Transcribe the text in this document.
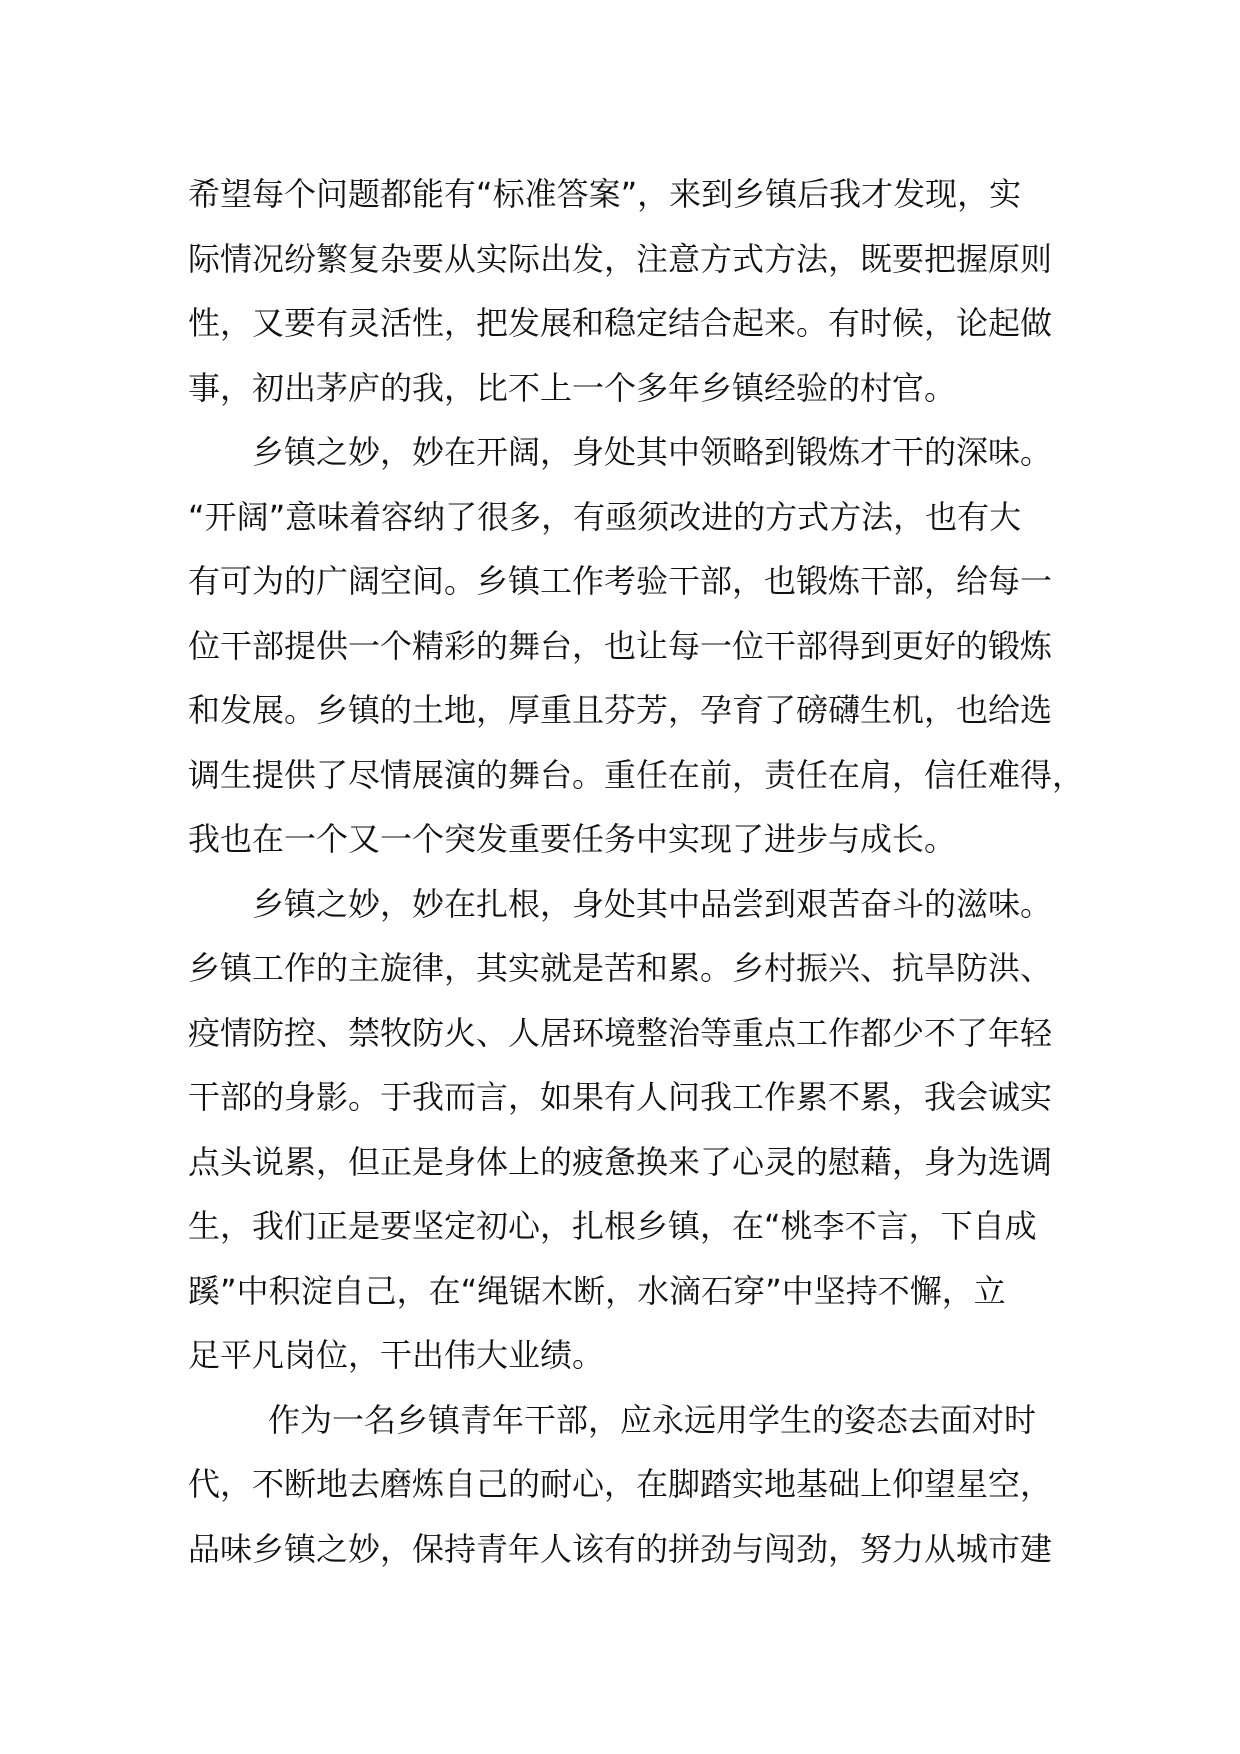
希望每个问题都能有“标准答案”，来到乡镇后我才发现，实
际情况纷繁复杂要从实际出发，注意方式方法，既要把握原则
性，又要有灵活性，把发展和稳定结合起来。有时候，论起做
事，初出茅庐的我，比不上一个多年乡镇经验的村官。
乡镇之妙，妙在开阔，身处其中领略到锻炼才干的深味。
“开阔”意味着容纳了很多，有亟须改进的方式方法，也有大
有可为的广阔空间。乡镇工作考验干部，也锻炼干部，给每一
位干部提供一个精彩的舞台，也让每一位干部得到更好的锻炼
和发展。乡镇的土地，厚重且芬芳，孕育了磅礴生机，也给选
调生提供了尽情展演的舞台。重任在前，责任在肩，信任难得，
我也在一个又一个突发重要任务中实现了进步与成长。
乡镇之妙，妙在扎根，身处其中品尝到艰苦奋斗的滋味。
乡镇工作的主旋律，其实就是苦和累。乡村振兴、抗旱防洪、
疫情防控、禁牧防火、人居环境整治等重点工作都少不了年轻
干部的身影。于我而言，如果有人问我工作累不累，我会诚实
点头说累，但正是身体上的疲惫换来了心灵的慰藉，身为选调
生，我们正是要坚定初心，扎根乡镇，在“桃李不言，下自成
蹊”中积淀自己，在“绳锯木断，水滴石穿”中坚持不懈，立
足平凡岗位，干出伟大业绩。
作为一名乡镇青年干部，应永远用学生的姿态去面对时
代，不断地去磨炼自己的耐心，在脚踏实地基础上仰望星空，
品味乡镇之妙，保持青年人该有的拼劲与闯劲，努力从城市建
